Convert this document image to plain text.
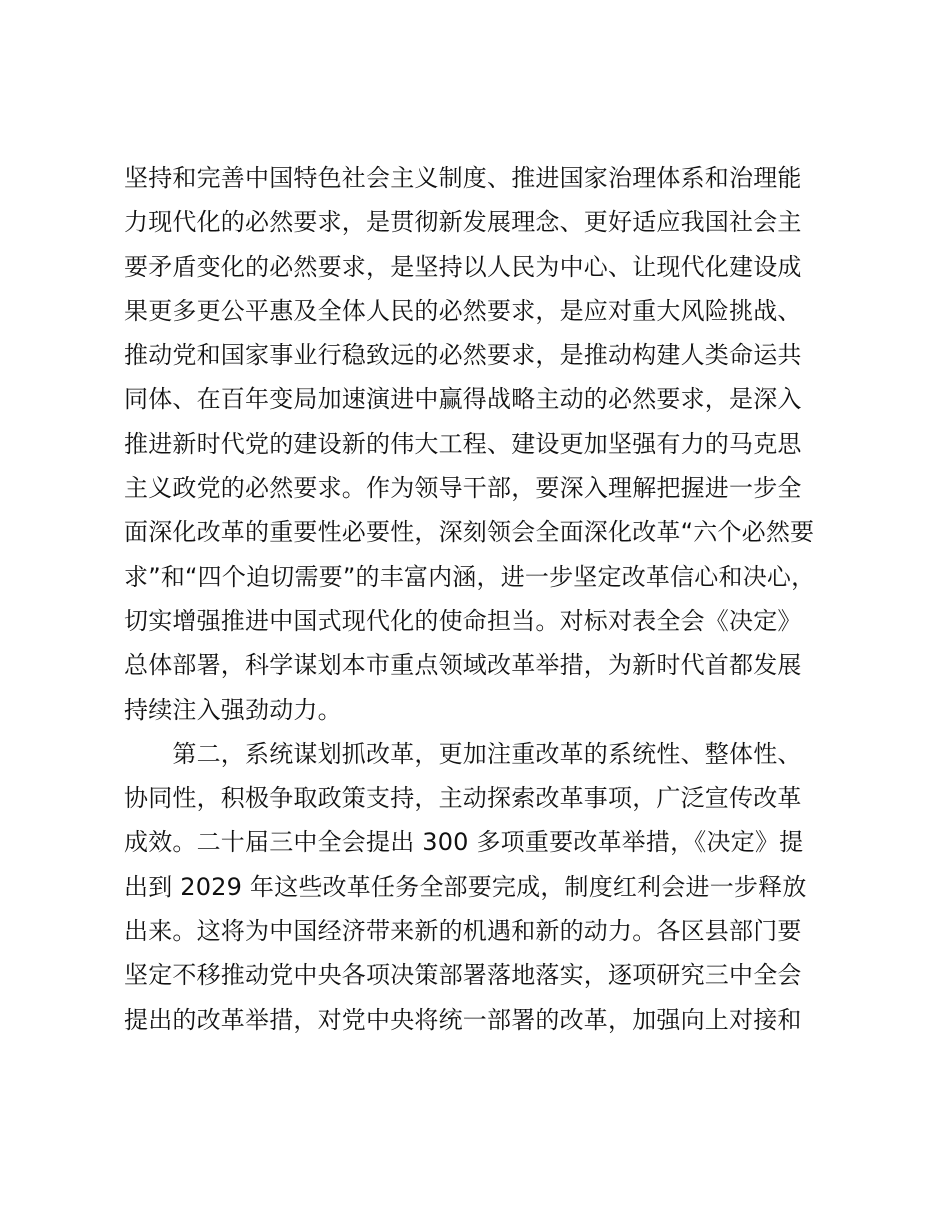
坚持和完善中国特色社会主义制度、推进国家治理体系和治理能
力现代化的必然要求，是贯彻新发展理念、更好适应我国社会主
要矛盾变化的必然要求，是坚持以人民为中心、让现代化建设成
果更多更公平惠及全体人民的必然要求，是应对重大风险挑战、
推动党和国家事业行稳致远的必然要求，是推动构建人类命运共
同体、在百年变局加速演进中赢得战略主动的必然要求，是深入
推进新时代党的建设新的伟大工程、建设更加坚强有力的马克思
主义政党的必然要求。作为领导干部，要深入理解把握进一步全
面深化改革的重要性必要性，深刻领会全面深化改革“六个必然要
求”和“四个迫切需要”的丰富内涵，进一步坚定改革信心和决心，
切实增强推进中国式现代化的使命担当。对标对表全会《决定》
总体部署，科学谋划本市重点领域改革举措，为新时代首都发展
持续注入强劲动力。
　　第二，系统谋划抓改革，更加注重改革的系统性、整体性、
协同性，积极争取政策支持，主动探索改革事项，广泛宣传改革
成效。二十届三中全会提出 300 多项重要改革举措，《决定》提
出到 2029 年这些改革任务全部要完成，制度红利会进一步释放
出来。这将为中国经济带来新的机遇和新的动力。各区县部门要
坚定不移推动党中央各项决策部署落地落实，逐项研究三中全会
提出的改革举措，对党中央将统一部署的改革，加强向上对接和
